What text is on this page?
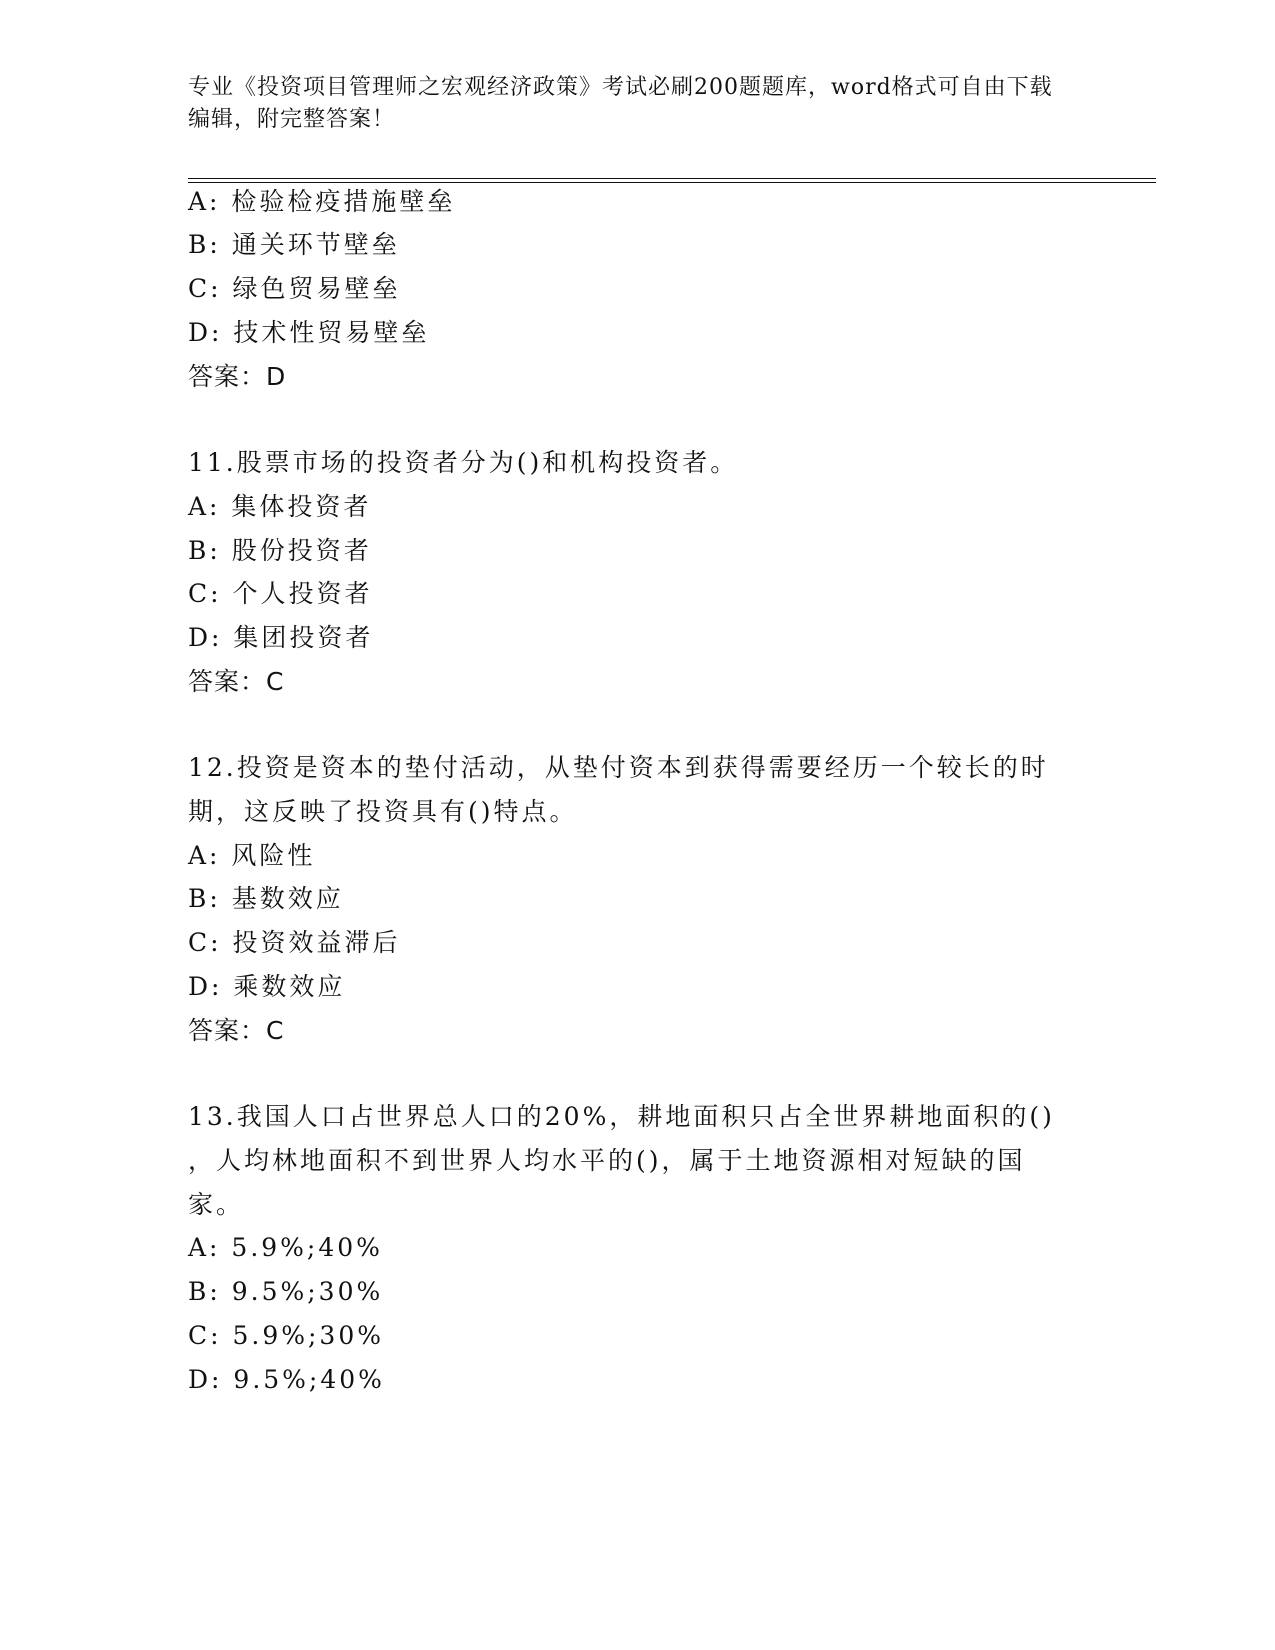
专业《投资项目管理师之宏观经济政策》考试必刷200题题库，word格式可自由下载编辑，附完整答案！
A: 检验检疫措施壁垒
B: 通关环节壁垒
C: 绿色贸易壁垒
D: 技术性贸易壁垒
答案：D
11.股票市场的投资者分为()和机构投资者。
A: 集体投资者
B: 股份投资者
C: 个人投资者
D: 集团投资者
答案：C
12.投资是资本的垫付活动，从垫付资本到获得需要经历一个较长的时
期，这反映了投资具有()特点。
A: 风险性
B: 基数效应
C: 投资效益滞后
D: 乘数效应
答案：C
13.我国人口占世界总人口的20%，耕地面积只占全世界耕地面积的()
，人均林地面积不到世界人均水平的()，属于土地资源相对短缺的国
家。
A: 5.9%;40%
B: 9.5%;30%
C: 5.9%;30%
D: 9.5%;40%
